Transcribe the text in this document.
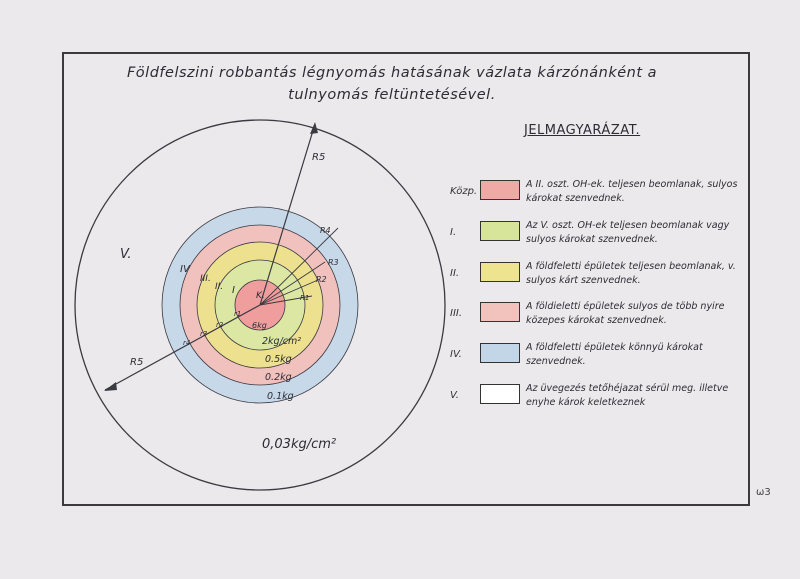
Földfelszini robbantás légnyomás hatásának vázlata kárzónánként a
tulnyomás feltüntetésével.
V.
IV
III.
II. I K.
R5
R4
R3
R2
R1
R5
r4
r3
r2
r1
6kg
2kg/cm²
0.5kg
0.2kg
0.1kg
0,03kg/cm²
JELMAGYARÁZAT.
Közp.
A II. oszt. OH-ek. teljesen beomlanak, sulyos károkat szenvednek.
I.
Az V. oszt. OH-ek teljesen beomlanak vagy sulyos károkat szenvednek.
II.
A földfeletti épületek teljesen beomlanak, v. sulyos kárt szenvednek.
III.
A földieletti épületek sulyos de több nyire közepes károkat szenvednek.
IV.
A földfeletti épületek könnyü károkat szenvednek.
V.
Az üvegezés tetőhéjazat sérül meg. illetve enyhe károk keletkeznek
ω3
